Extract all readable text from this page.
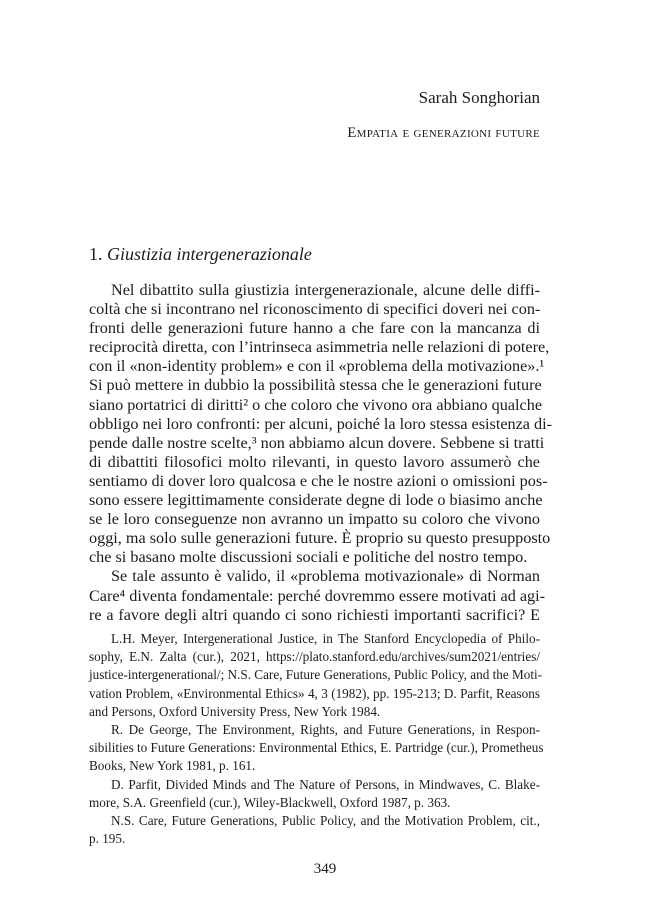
Sarah Songhorian
Empatia e generazioni future
1. Giustizia intergenerazionale
Nel dibattito sulla giustizia intergenerazionale, alcune delle diffi-
coltà che si incontrano nel riconoscimento di specifici doveri nei con-
fronti delle generazioni future hanno a che fare con la mancanza di
reciprocità diretta, con l’intrinseca asimmetria nelle relazioni di potere,
con il «non-identity problem» e con il «problema della motivazione».¹
Si può mettere in dubbio la possibilità stessa che le generazioni future
siano portatrici di diritti² o che coloro che vivono ora abbiano qualche
obbligo nei loro confronti: per alcuni, poiché la loro stessa esistenza di-
pende dalle nostre scelte,³ non abbiamo alcun dovere. Sebbene si tratti
di dibattiti filosofici molto rilevanti, in questo lavoro assumerò che
sentiamo di dover loro qualcosa e che le nostre azioni o omissioni pos-
sono essere legittimamente considerate degne di lode o biasimo anche
se le loro conseguenze non avranno un impatto su coloro che vivono
oggi, ma solo sulle generazioni future. È proprio su questo presupposto
che si basano molte discussioni sociali e politiche del nostro tempo.
Se tale assunto è valido, il «problema motivazionale» di Norman
Care⁴ diventa fondamentale: perché dovremmo essere motivati ad agi-
re a favore degli altri quando ci sono richiesti importanti sacrifici? E
L.H. Meyer, Intergenerational Justice, in The Stanford Encyclopedia of Philo-
sophy, E.N. Zalta (cur.), 2021, https://plato.stanford.edu/archives/sum2021/entries/
justice-intergenerational/; N.S. Care, Future Generations, Public Policy, and the Moti-
vation Problem, «Environmental Ethics» 4, 3 (1982), pp. 195-213; D. Parfit, Reasons
and Persons, Oxford University Press, New York 1984.
R. De George, The Environment, Rights, and Future Generations, in Respon-
sibilities to Future Generations: Environmental Ethics, E. Partridge (cur.), Prometheus
Books, New York 1981, p. 161.
D. Parfit, Divided Minds and The Nature of Persons, in Mindwaves, C. Blake-
more, S.A. Greenfield (cur.), Wiley-Blackwell, Oxford 1987, p. 363.
N.S. Care, Future Generations, Public Policy, and the Motivation Problem, cit.,
p. 195.
349
